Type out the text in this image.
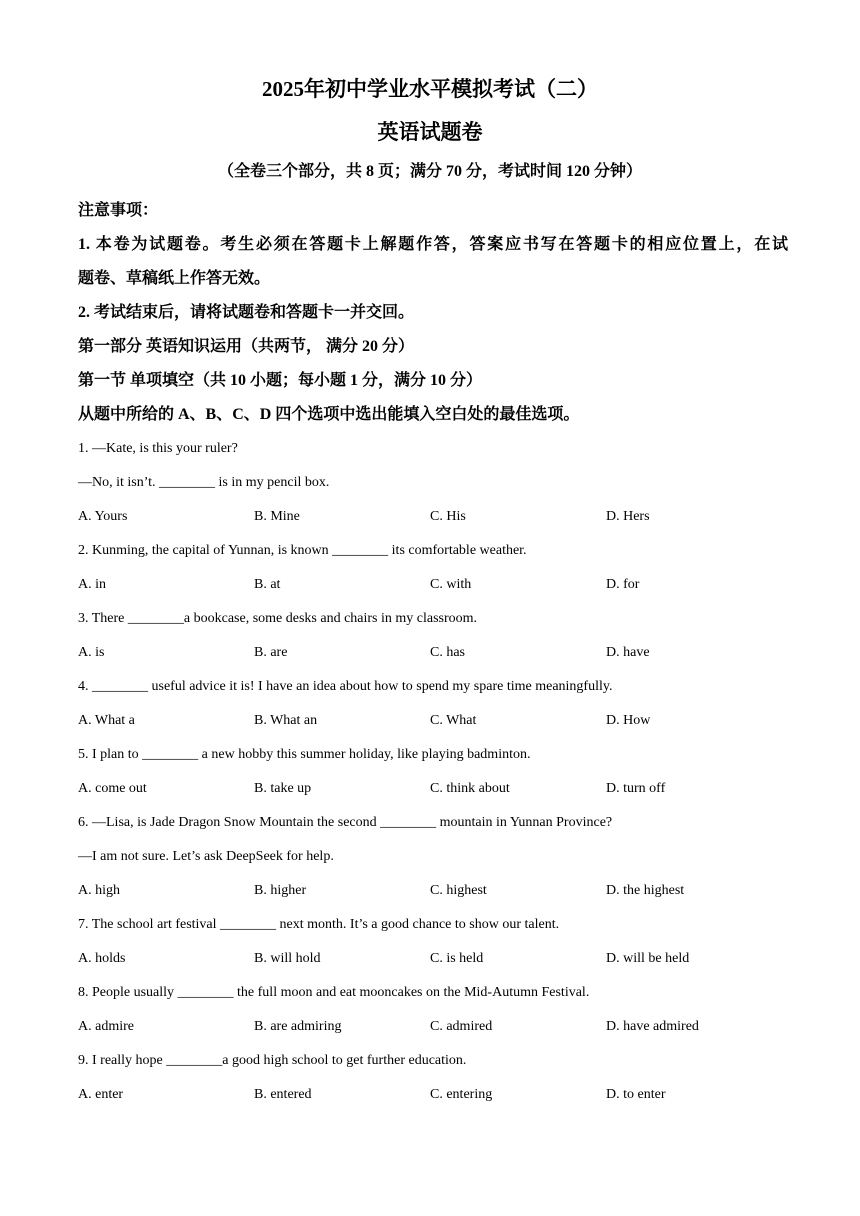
2025年初中学业水平模拟考试（二）
英语试题卷
（全卷三个部分，共 8 页；满分 70 分，考试时间 120 分钟）
注意事项：
1. 本卷为试题卷。考生必须在答题卡上解题作答，答案应书写在答题卡的相应位置上，在试
题卷、草稿纸上作答无效。
2. 考试结束后，请将试题卷和答题卡一并交回。
第一部分 英语知识运用（共两节， 满分 20 分）
第一节 单项填空（共 10 小题；每小题 1 分，满分 10 分）
从题中所给的 A、B、C、D 四个选项中选出能填入空白处的最佳选项。
1. —Kate, is this your ruler?
—No, it isn’t. ________ is in my pencil box.
A. Yours	B. Mine	C. His	D. Hers
2. Kunming, the capital of Yunnan, is known ________ its comfortable weather.
A. in	B. at	C. with	D. for
3. There ________a bookcase, some desks and chairs in my classroom.
A. is	B. are	C. has	D. have
4. ________ useful advice it is! I have an idea about how to spend my spare time meaningfully.
A. What a	B. What an	C. What	D. How
5. I plan to ________ a new hobby this summer holiday, like playing badminton.
A. come out	B. take up	C. think about	D. turn off
6. —Lisa, is Jade Dragon Snow Mountain the second ________ mountain in Yunnan Province?
—I am not sure. Let’s ask DeepSeek for help.
A. high	B. higher	C. highest	D. the highest
7. The school art festival ________ next month. It’s a good chance to show our talent.
A. holds	B. will hold	C. is held	D. will be held
8. People usually ________ the full moon and eat mooncakes on the Mid-Autumn Festival.
A. admire	B. are admiring	C. admired	D. have admired
9. I really hope ________a good high school to get further education.
A. enter	B. entered	C. entering	D. to enter
